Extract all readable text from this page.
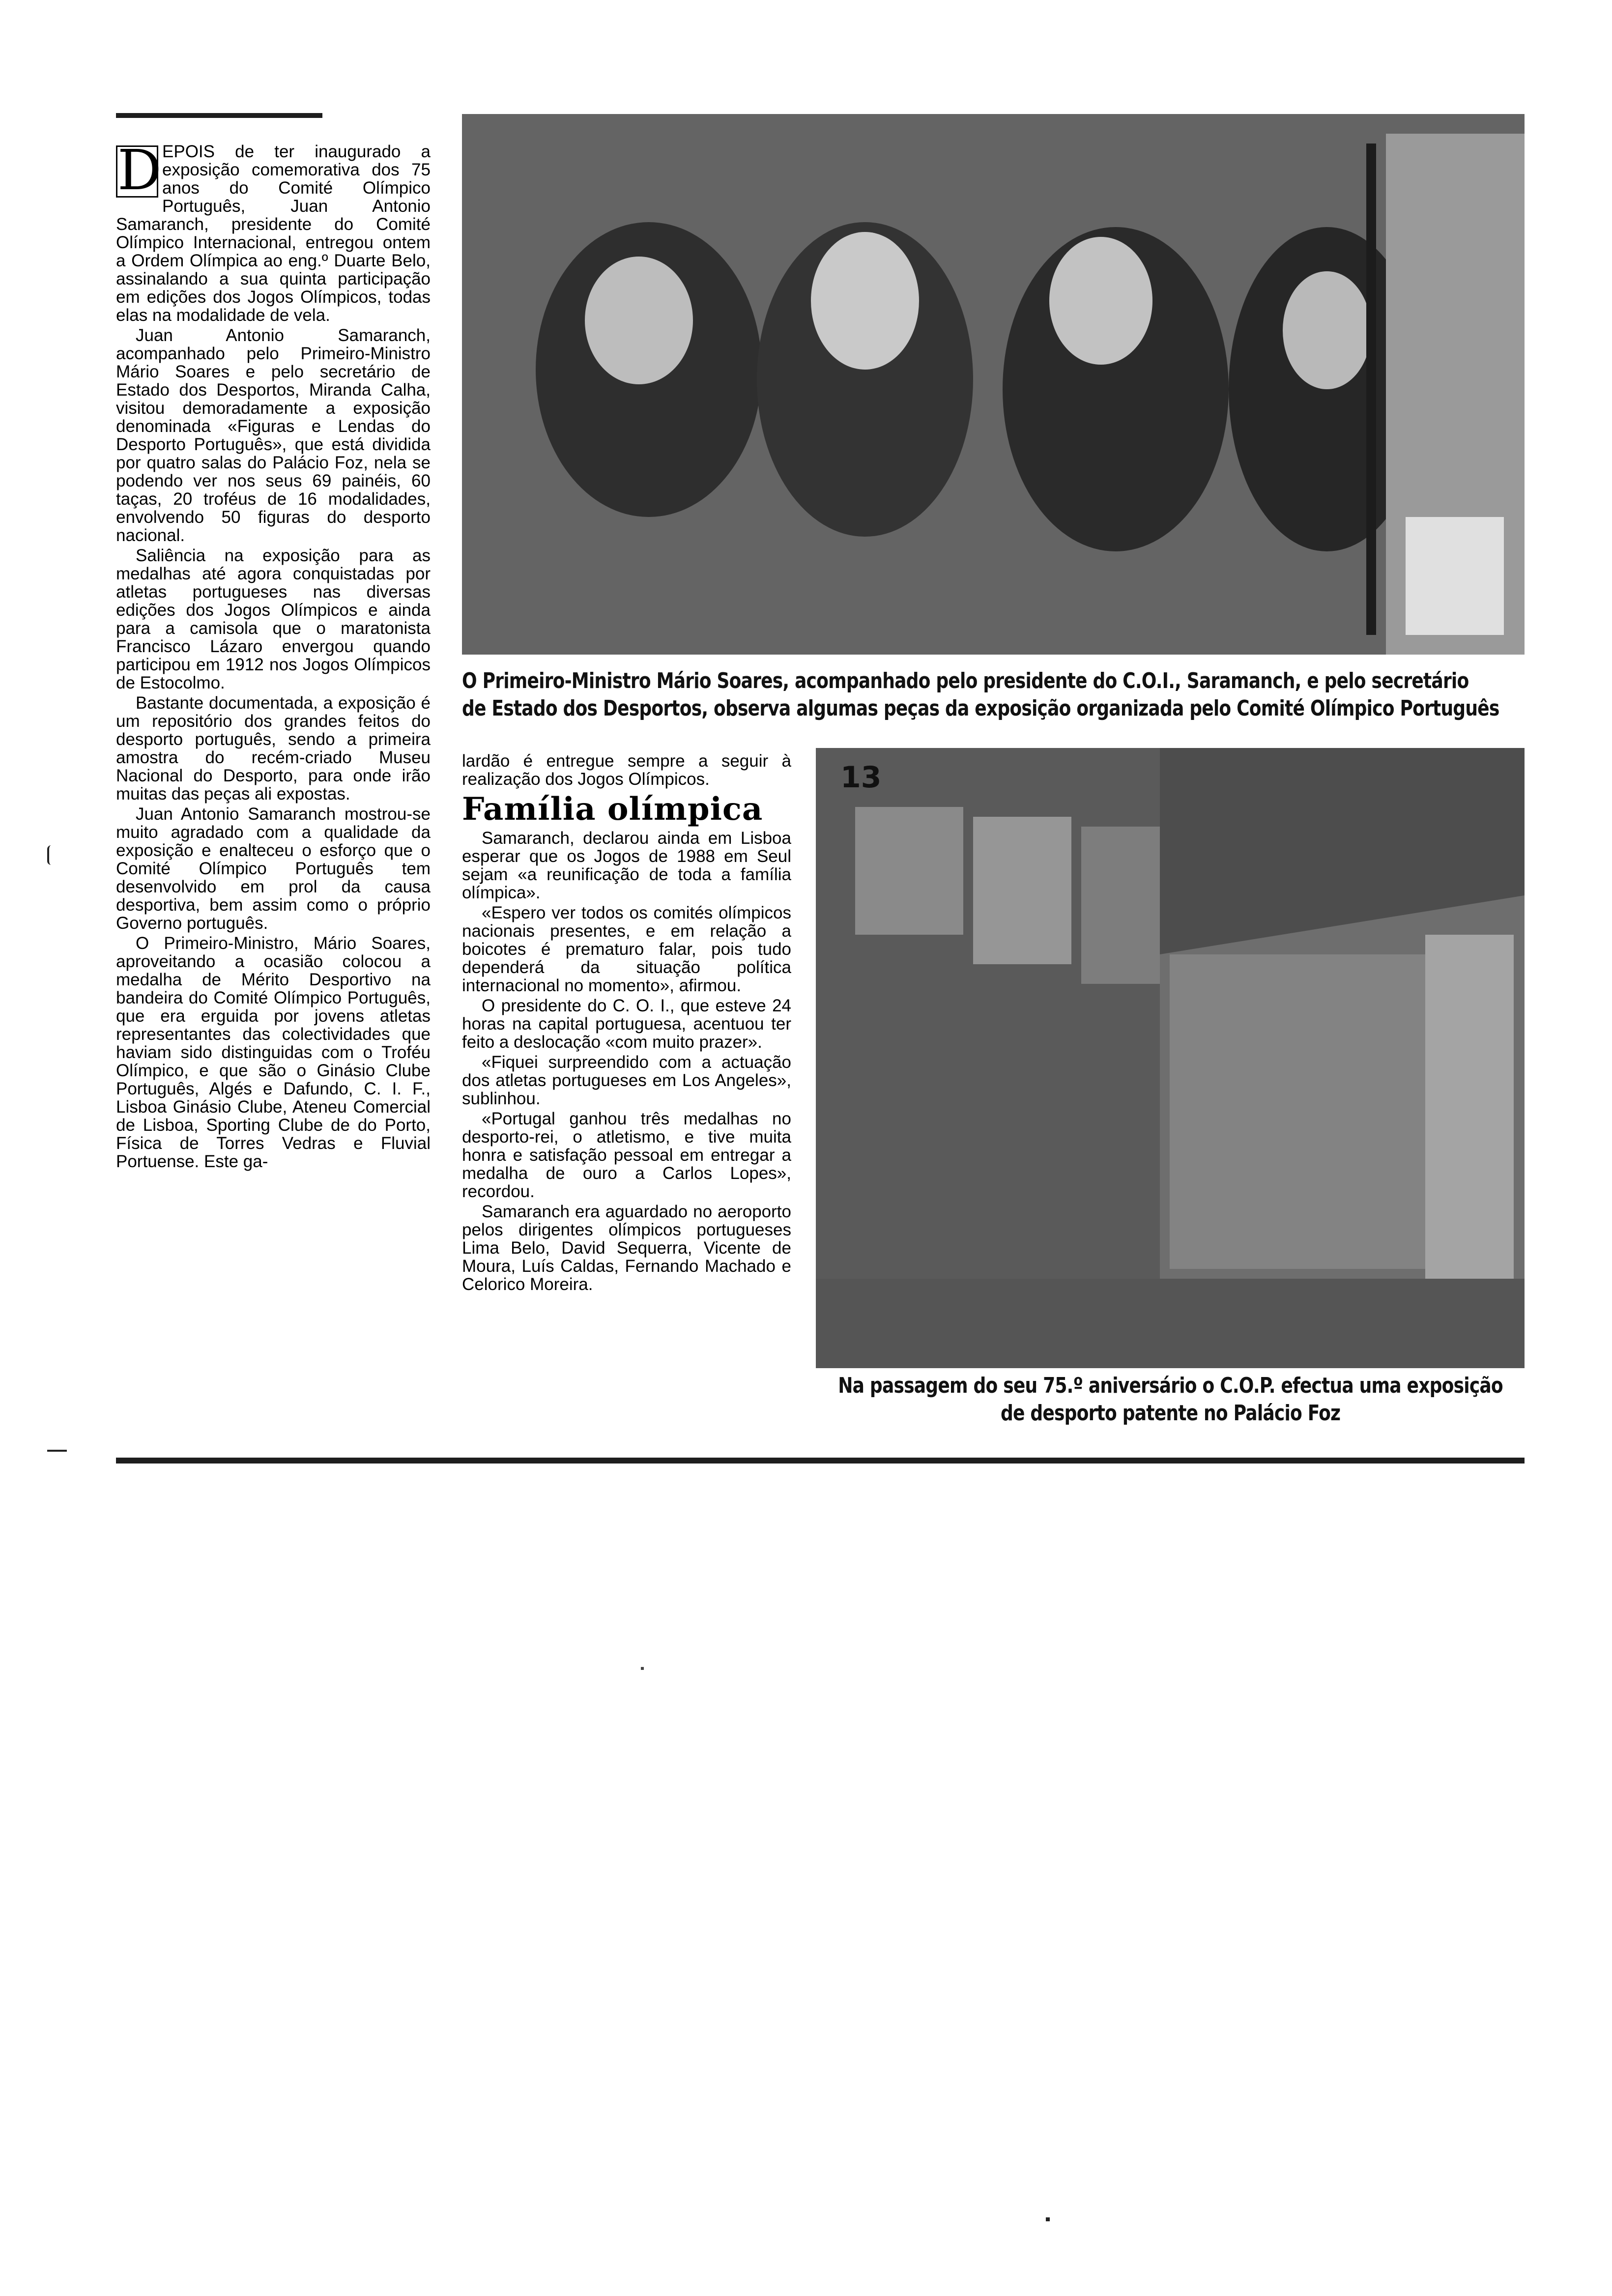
D EPOIS de ter inaugurado a exposição comemorativa dos 75 anos do Comité Olímpico Português, Juan Antonio Samaranch, presidente do Comité Olímpico Internacional, entregou ontem a Ordem Olímpica ao eng.º Duarte Belo, assinalando a sua quinta participação em edições dos Jogos Olímpicos, todas elas na modalidade de vela.

Juan Antonio Samaranch, acompanhado pelo Primeiro-Ministro Mário Soares e pelo secretário de Estado dos Desportos, Miranda Calha, visitou demoradamente a exposição denominada «Figuras e Lendas do Desporto Português», que está dividida por quatro salas do Palácio Foz, nela se podendo ver nos seus 69 painéis, 60 taças, 20 troféus de 16 modalidades, envolvendo 50 figuras do desporto nacional.

Saliência na exposição para as medalhas até agora conquistadas por atletas portugueses nas diversas edições dos Jogos Olímpicos e ainda para a camisola que o maratonista Francisco Lázaro envergou quando participou em 1912 nos Jogos Olímpicos de Estocolmo.

Bastante documentada, a exposição é um repositório dos grandes feitos do desporto português, sendo a primeira amostra do recém-criado Museu Nacional do Desporto, para onde irão muitas das peças ali expostas.

Juan Antonio Samaranch mostrou-se muito agradado com a qualidade da exposição e enalteceu o esforço que o Comité Olímpico Português tem desenvolvido em prol da causa desportiva, bem assim como o próprio Governo português.

O Primeiro-Ministro, Mário Soares, aproveitando a ocasião colocou a medalha de Mérito Desportivo na bandeira do Comité Olímpico Português, que era erguida por jovens atletas representantes das colectividades que haviam sido distinguidas com o Troféu Olímpico, e que são o Ginásio Clube Português, Algés e Dafundo, C. I. F., Lisboa Ginásio Clube, Ateneu Comercial de Lisboa, Sporting Clube de do Porto, Física de Torres Vedras e Fluvial Portuense. Este ga-

O Primeiro-Ministro Mário Soares, acompanhado pelo presidente do C.O.I., Saramanch, e pelo secretário
de Estado dos Desportos, observa algumas peças da exposição organizada pelo Comité Olímpico Português

lardão é entregue sempre a seguir à realização dos Jogos Olímpicos.

Família olímpica

Samaranch, declarou ainda em Lisboa esperar que os Jogos de 1988 em Seul sejam «a reunificação de toda a família olímpica».

«Espero ver todos os comités olímpicos nacionais presentes, e em relação a boicotes é prematuro falar, pois tudo dependerá da situação política internacional no momento», afirmou.

O presidente do C. O. I., que esteve 24 horas na capital portuguesa, acentuou ter feito a deslocação «com muito prazer».

«Fiquei surpreendido com a actuação dos atletas portugueses em Los Angeles», sublinhou.

«Portugal ganhou três medalhas no desporto-rei, o atletismo, e tive muita honra e satisfação pessoal em entregar a medalha de ouro a Carlos Lopes», recordou.

Samaranch era aguardado no aeroporto pelos dirigentes olímpicos portugueses Lima Belo, David Sequerra, Vicente de Moura, Luís Caldas, Fernando Machado e Celorico Moreira.

13
Na passagem do seu 75.º aniversário o C.O.P. efectua uma exposição
de desporto patente no Palácio Foz
